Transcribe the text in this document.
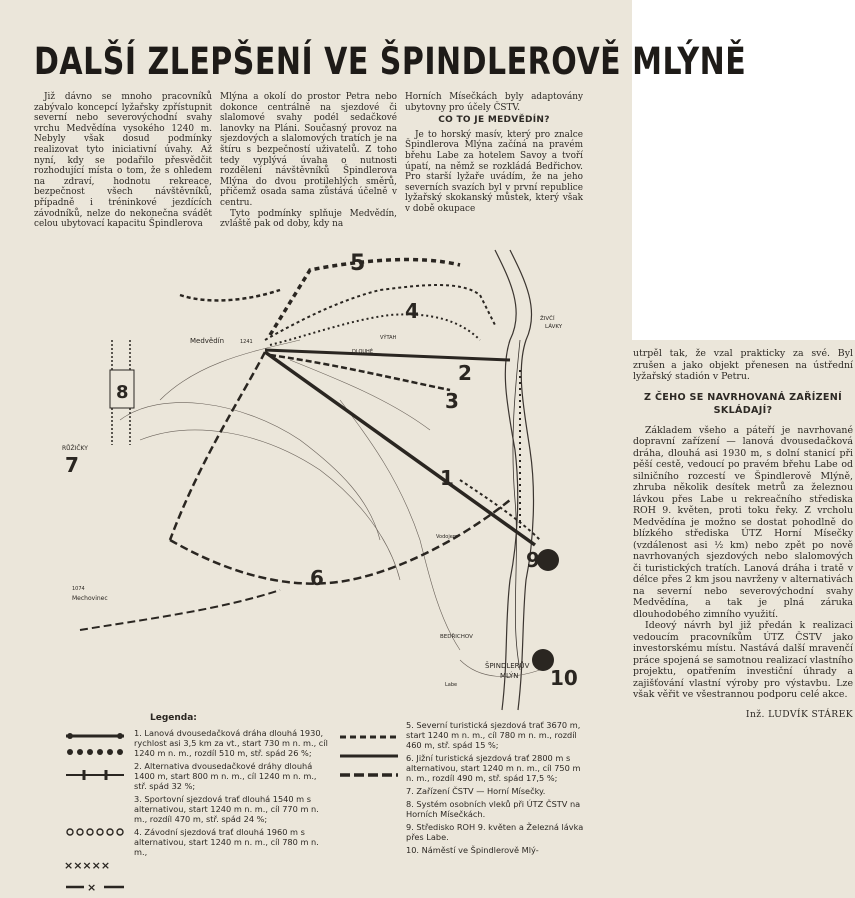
DALŠÍ ZLEPŠENÍ VE ŠPINDLEROVĚ MLÝNĚ

Již dávno se mnoho pracovníků zabývalo koncepcí lyžařsky zpřístupnit severní nebo severovýchodní svahy vrchu Medvědína vysokého 1240 m. Nebyly však dosud podmínky realizovat tyto iniciativní úvahy. Až nyní, kdy se podařilo přesvědčit rozhodující místa o tom, že s ohledem na zdraví, hodnotu rekreace, bezpečnost všech návštěvníků, případně i tréninkové jezdících závodníků, nelze do nekonečna svádět celou ubytovací kapacitu Špindlerova

Mlýna a okolí do prostor Petra nebo dokonce centrálně na sjezdové či slalomové svahy podél sedačkové lanovky na Pláni. Současný provoz na sjezdových a slalomových tratích je na štíru s bezpečností uživatelů. Z toho tedy vyplývá úvaha o nutnosti rozdělení návštěvníků Špindlerova Mlýna do dvou protilehlých směrů, přičemž osada sama zůstává účelně v centru.

Tyto podmínky splňuje Medvědín, zvláště pak od doby, kdy na

Horních Mísečkách byly adaptovány ubytovny pro účely ČSTV.

CO TO JE MEDVĚDÍN?

Je to horský masív, který pro znalce Špindlerova Mlýna začíná na pravém břehu Labe za hotelem Savoy a tvoří úpatí, na němž se rozkládá Bedřichov. Pro starší lyžaře uvádím, že na jeho severních svazích byl v první republice lyžařský skokanský můstek, který však v době okupace

5
4
2
3
1
6
7
8
9
10
Medvědín	1241
RŮŽIČKY
Mechovinec
1074
BEDŘICHOV
ŠPINDLERŮV
MLÝN
Vodojem
VÝTAH
DLOUHÉ
Labe
ŽIVČÍ
LÁVKY
Legenda:
×××××
×
1. Lanová dvousedačková dráha dlouhá 1930, rychlost asi 3,5 km za vt., start 730 m n. m., cíl 1240 m n. m., rozdíl 510 m, stř. spád 26 %;
2. Alternativa dvousedačkové dráhy dlouhá 1400 m, start 800 m n. m., cíl 1240 m n. m., stř. spád 32 %;
3. Sportovní sjezdová trať dlouhá 1540 m s alternativou, start 1240 m n. m., cíl 770 m n. m., rozdíl 470 m, stř. spád 24 %;
4. Závodní sjezdová trať dlouhá 1960 m s alternativou, start 1240 m n. m., cíl 780 m n. m.,
5. Severní turistická sjezdová trať 3670 m, start 1240 m n. m., cíl 780 m n. m., rozdíl 460 m, stř. spád 15 %;
6. Jižní turistická sjezdová trať 2800 m s alternativou, start 1240 m n. m., cíl 750 m n. m., rozdíl 490 m, stř. spád 17,5 %;
7. Zařízení ČSTV — Horní Mísečky.
8. Systém osobních vleků při ÚTZ ČSTV na Horních Mísečkách.
9. Středisko ROH 9. květen a Železná lávka přes Labe.
10. Náměstí ve Špindlerově Mlý-

utrpěl tak, že vzal prakticky za své. Byl zrušen a jako objekt přenesen na ústřední lyžařský stadión v Petru.

Z ČEHO SE NAVRHOVANÁ ZAŘÍZENÍ SKLÁDAJÍ?

Základem všeho a páteří je navrhované dopravní zařízení — lanová dvousedačková dráha, dlouhá asi 1930 m, s dolní stanicí při pěší cestě, vedoucí po pravém břehu Labe od silničního rozcestí ve Špindlerově Mlýně, zhruba několik desítek metrů za železnou lávkou přes Labe u rekreačního střediska ROH 9. květen, proti toku řeky. Z vrcholu Medvědína je možno se dostat pohodlně do blízkého střediska ÚTZ Horní Mísečky (vzdálenost asi ½ km) nebo zpět po nově navrhovaných sjezdových nebo slalomových či turistických tratích. Lanová dráha i tratě v délce přes 2 km jsou navrženy v alternativách na severní nebo severovýchodní svahy Medvědína, a tak je plná záruka dlouhodobého zimního využití.

Ideový návrh byl již předán k realizaci vedoucím pracovníkům ÚTZ ČSTV jako investorskému místu. Nastává další mravenčí práce spojená se samotnou realizací vlastního projektu, opatřením investiční úhrady a zajišťování vlastní výroby pro výstavbu. Lze však věřit ve všestrannou podporu celé akce.

Inž. LUDVÍK STÁREK
